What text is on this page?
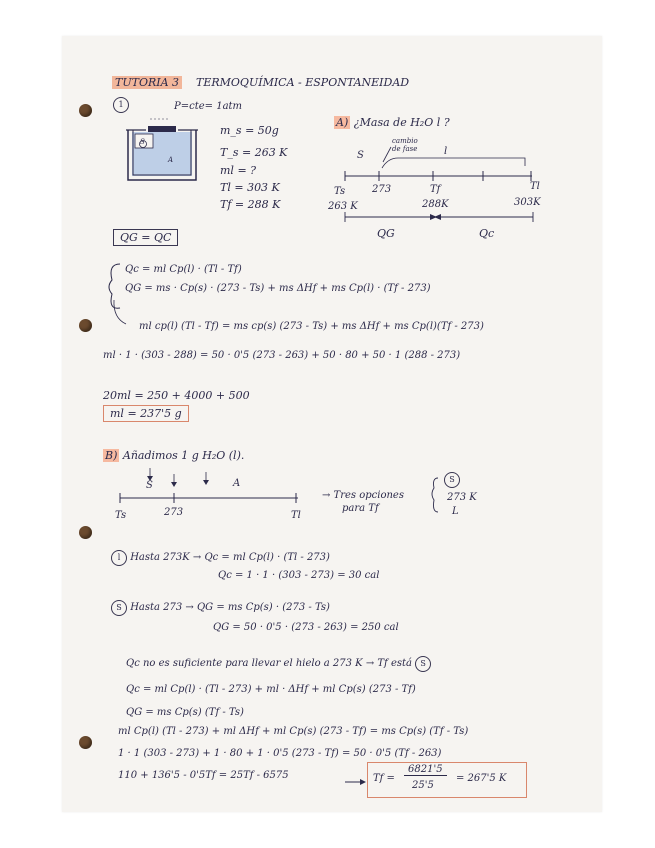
TUTORIA 3 TERMOQUÍMICA - ESPONTANEIDAD
1	P=cte= 1atm
S
A
m_s = 50g
T_s = 263 K
ml = ?
Tl = 303 K
Tf = 288 K
A) ¿Masa de H₂O l ?
cambio
de fase
S	l
Ts	273	Tf	Tl
263 K	288K	303K
QG	Qc
QG = QC
Qc = ml Cp(l) · (Tl - Tf)
QG = ms · Cp(s) · (273 - Ts) + ms ΔHf + ms Cp(l) · (Tf - 273)
ml cp(l) (Tl - Tf) = ms cp(s) (273 - Ts) + ms ΔHf + ms Cp(l)(Tf - 273)
ml · 1 · (303 - 288) = 50 · 0'5 (273 - 263) + 50 · 80 + 50 · 1 (288 - 273)
20ml = 250 + 4000 + 500
ml = 237'5 g
B) Añadimos 1 g H₂O (l).
S	A
Ts	273	Tl
→ Tres opciones
para Tf
S
273 K
L
l Hasta 273K → Qc = ml Cp(l) · (Tl - 273)
Qc = 1 · 1 · (303 - 273) = 30 cal
S Hasta 273 → QG = ms Cp(s) · (273 - Ts)
QG = 50 · 0'5 · (273 - 263) = 250 cal
Qc no es suficiente para llevar el hielo a 273 K → Tf está S
Qc = ml Cp(l) · (Tl - 273) + ml · ΔHf + ml Cp(s) (273 - Tf)
QG = ms Cp(s) (Tf - Ts)
ml Cp(l) (Tl - 273) + ml ΔHf + ml Cp(s) (273 - Tf) = ms Cp(s) (Tf - Ts)
1 · 1 (303 - 273) + 1 · 80 + 1 · 0'5 (273 - Tf) = 50 · 0'5 (Tf - 263)
110 + 136'5 - 0'5Tf = 25Tf - 6575	Tf =
6821'5
25'5
= 267'5 K
